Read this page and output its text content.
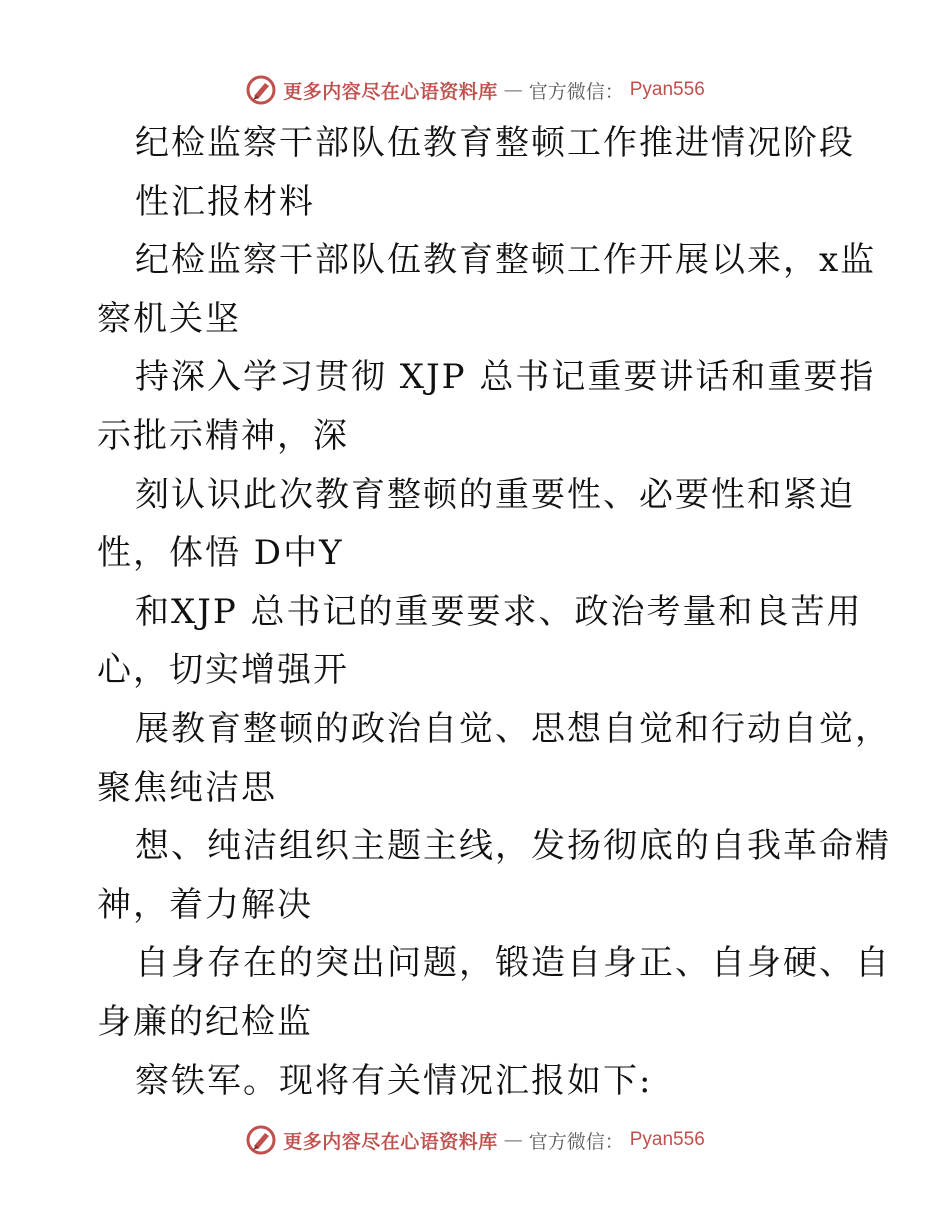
更多内容尽在心语资料库 — 官方微信： Pyan556
纪检监察干部队伍教育整顿工作推进情况阶段
性汇报材料
纪检监察干部队伍教育整顿工作开展以来，x监
察机关坚
持深入学习贯彻 XJP 总书记重要讲话和重要指
示批示精神，深
刻认识此次教育整顿的重要性、必要性和紧迫
性，体悟 D中Y
和XJP 总书记的重要要求、政治考量和良苦用
心，切实增强开
展教育整顿的政治自觉、思想自觉和行动自觉，
聚焦纯洁思
想、纯洁组织主题主线，发扬彻底的自我革命精
神，着力解决
自身存在的突出问题，锻造自身正、自身硬、自
身廉的纪检监
察铁军。现将有关情况汇报如下:
更多内容尽在心语资料库 — 官方微信： Pyan556
